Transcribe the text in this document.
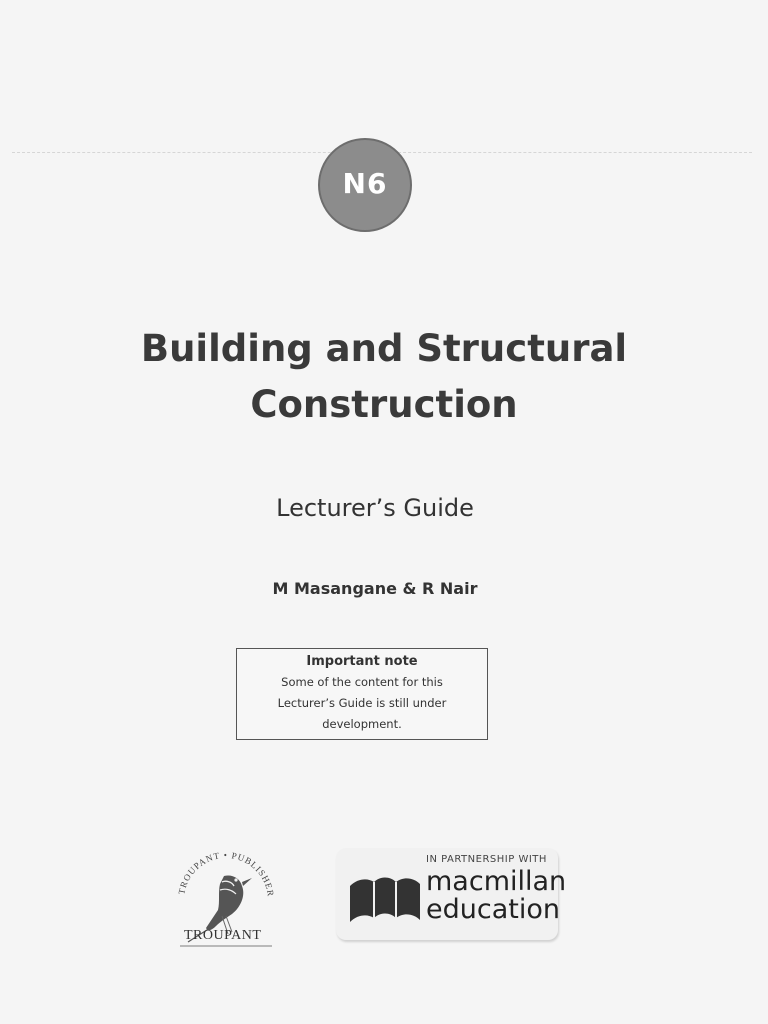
N6
Building and Structural
Construction
Lecturer’s Guide
M Masangane & R Nair
Important note
Some of the content for this Lecturer’s Guide is still under development.
TROUPANT • PUBLISHER
TROUPANT
IN PARTNERSHIP WITH
macmillan
education
